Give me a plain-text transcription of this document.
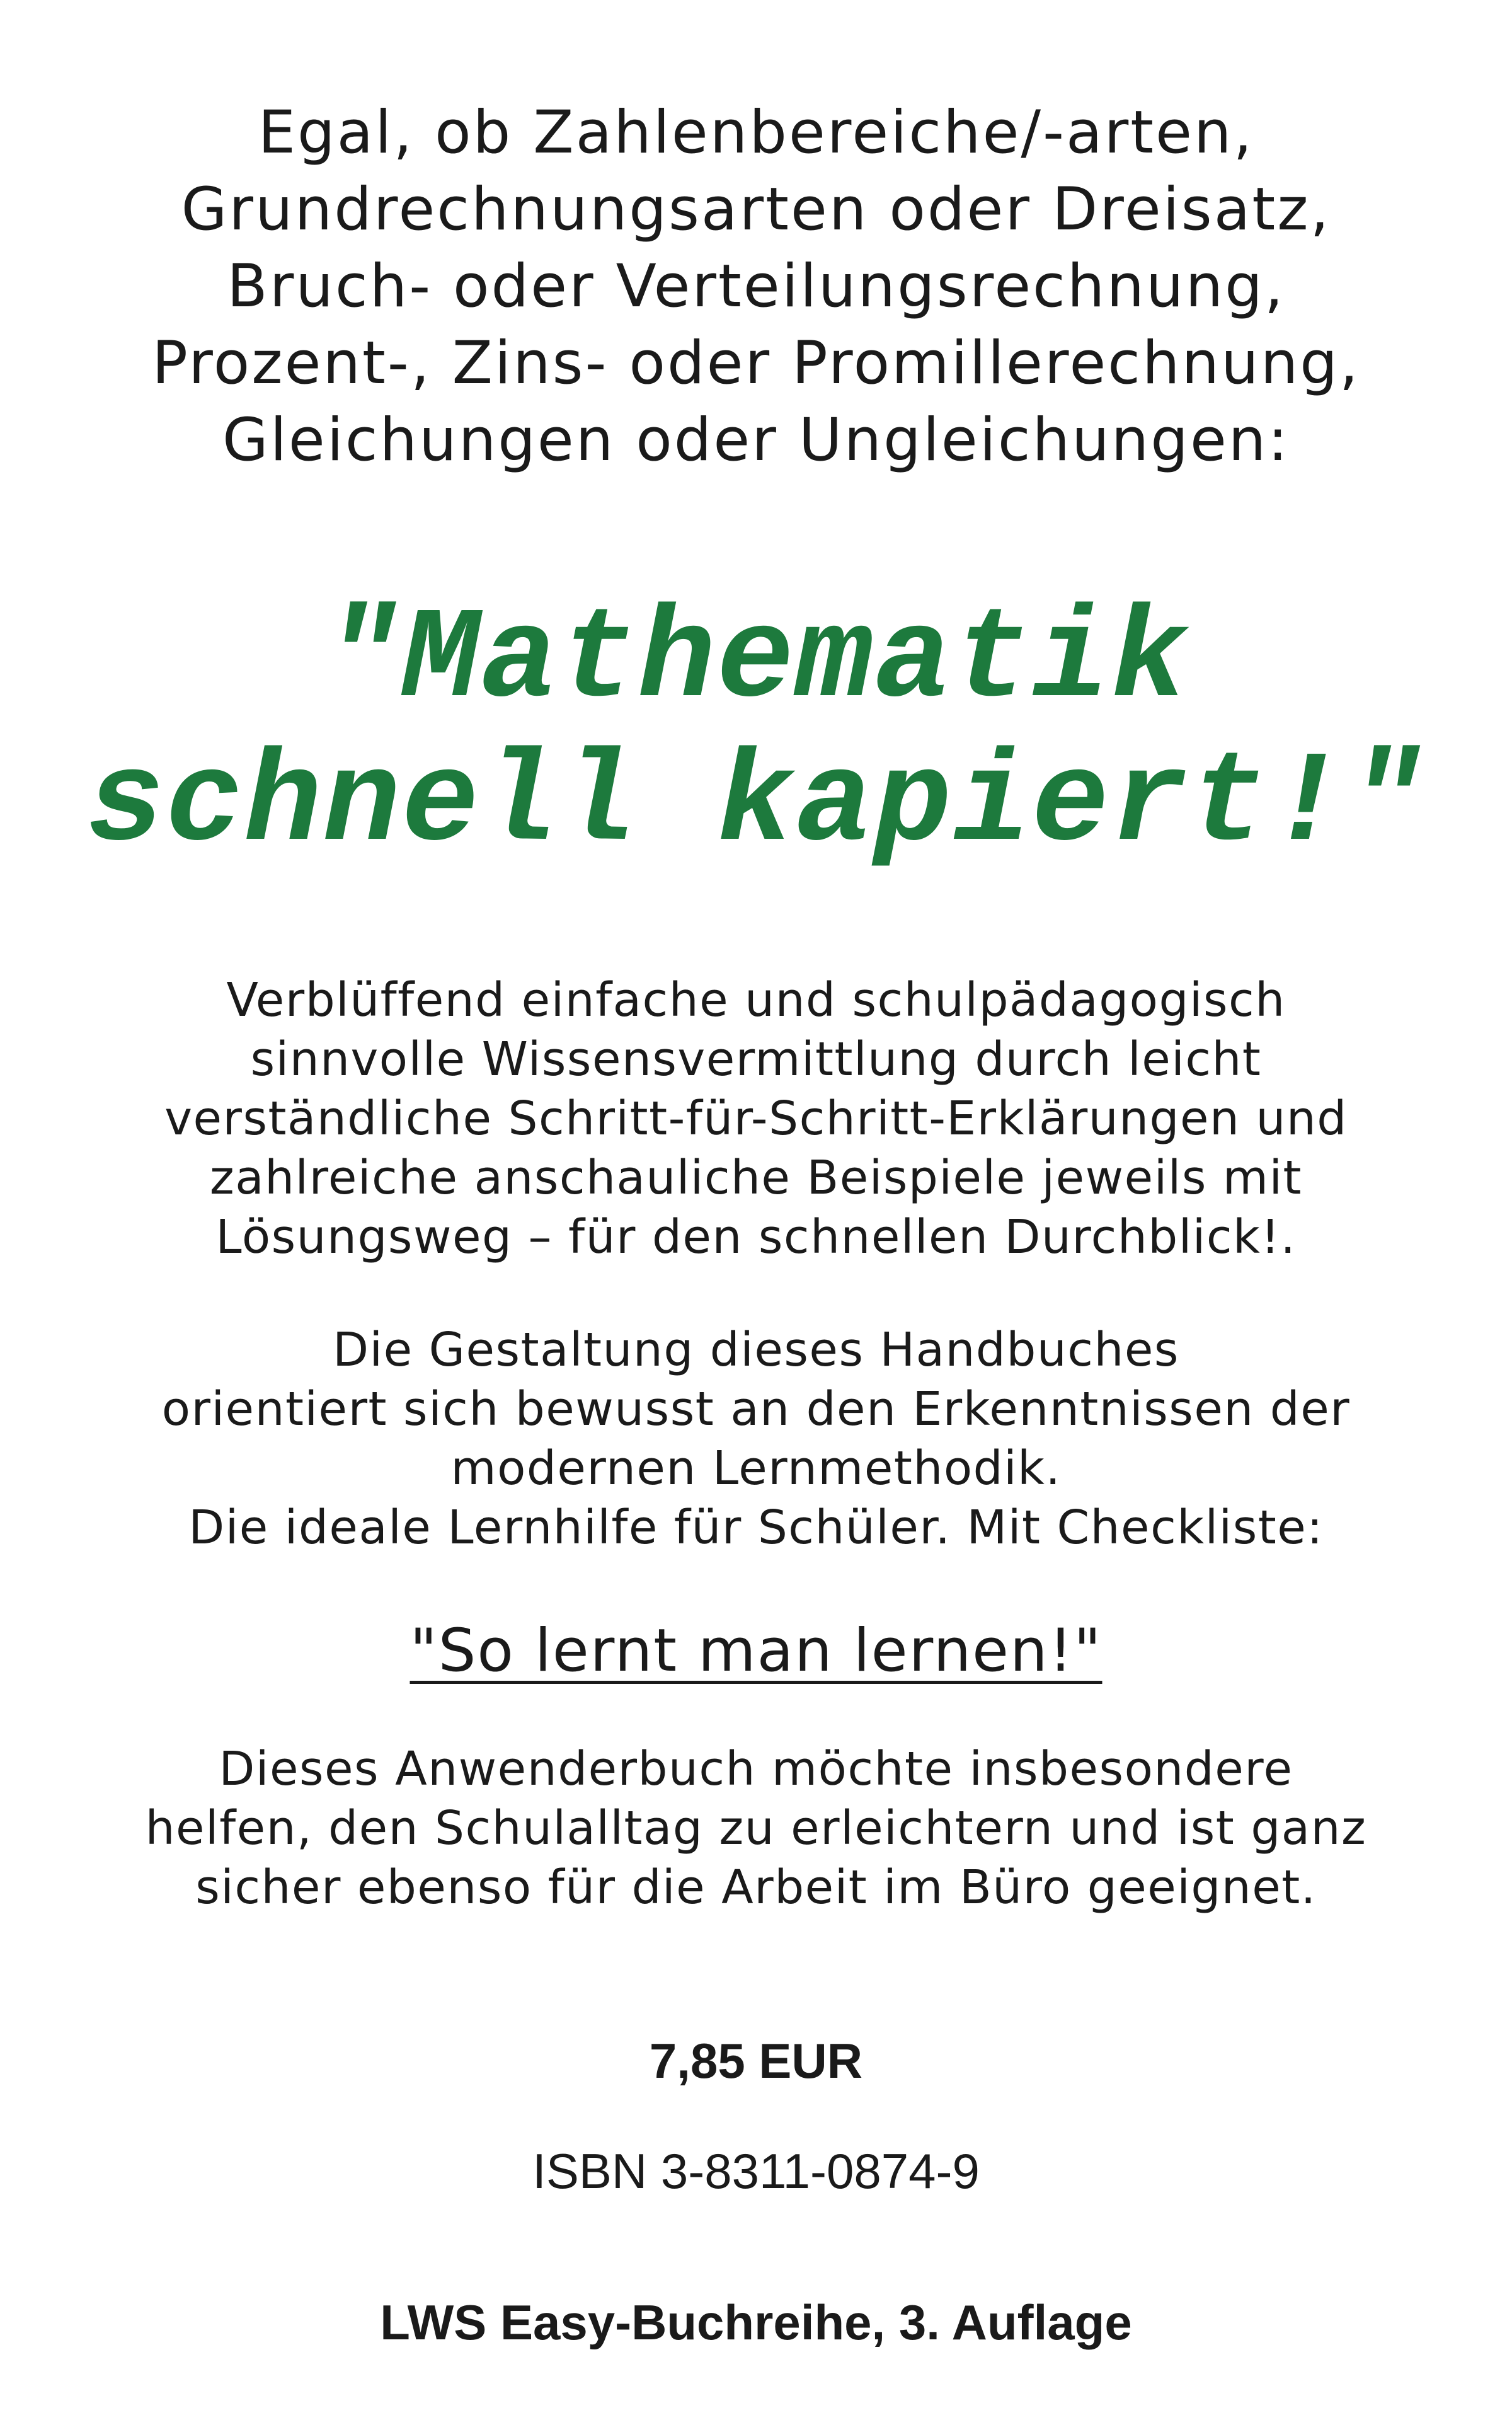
Egal, ob Zahlenbereiche/-arten,
Grundrechnungsarten oder Dreisatz,
Bruch- oder Verteilungsrechnung,
Prozent-, Zins- oder Promillerechnung,
Gleichungen oder Ungleichungen:
"Mathematik
schnell kapiert!"
Verblüffend einfache und schulpädagogisch
sinnvolle Wissensvermittlung durch leicht
verständliche Schritt-für-Schritt-Erklärungen und
zahlreiche anschauliche Beispiele jeweils mit
Lösungsweg – für den schnellen Durchblick!.
Die Gestaltung dieses Handbuches
orientiert sich bewusst an den Erkenntnissen der
modernen Lernmethodik.
Die ideale Lernhilfe für Schüler. Mit Checkliste:
"So lernt man lernen!"
Dieses Anwenderbuch möchte insbesondere
helfen, den Schulalltag zu erleichtern und ist ganz
sicher ebenso für die Arbeit im Büro geeignet.
7,85 EUR
ISBN 3-8311-0874-9
LWS Easy-Buchreihe, 3. Auflage
